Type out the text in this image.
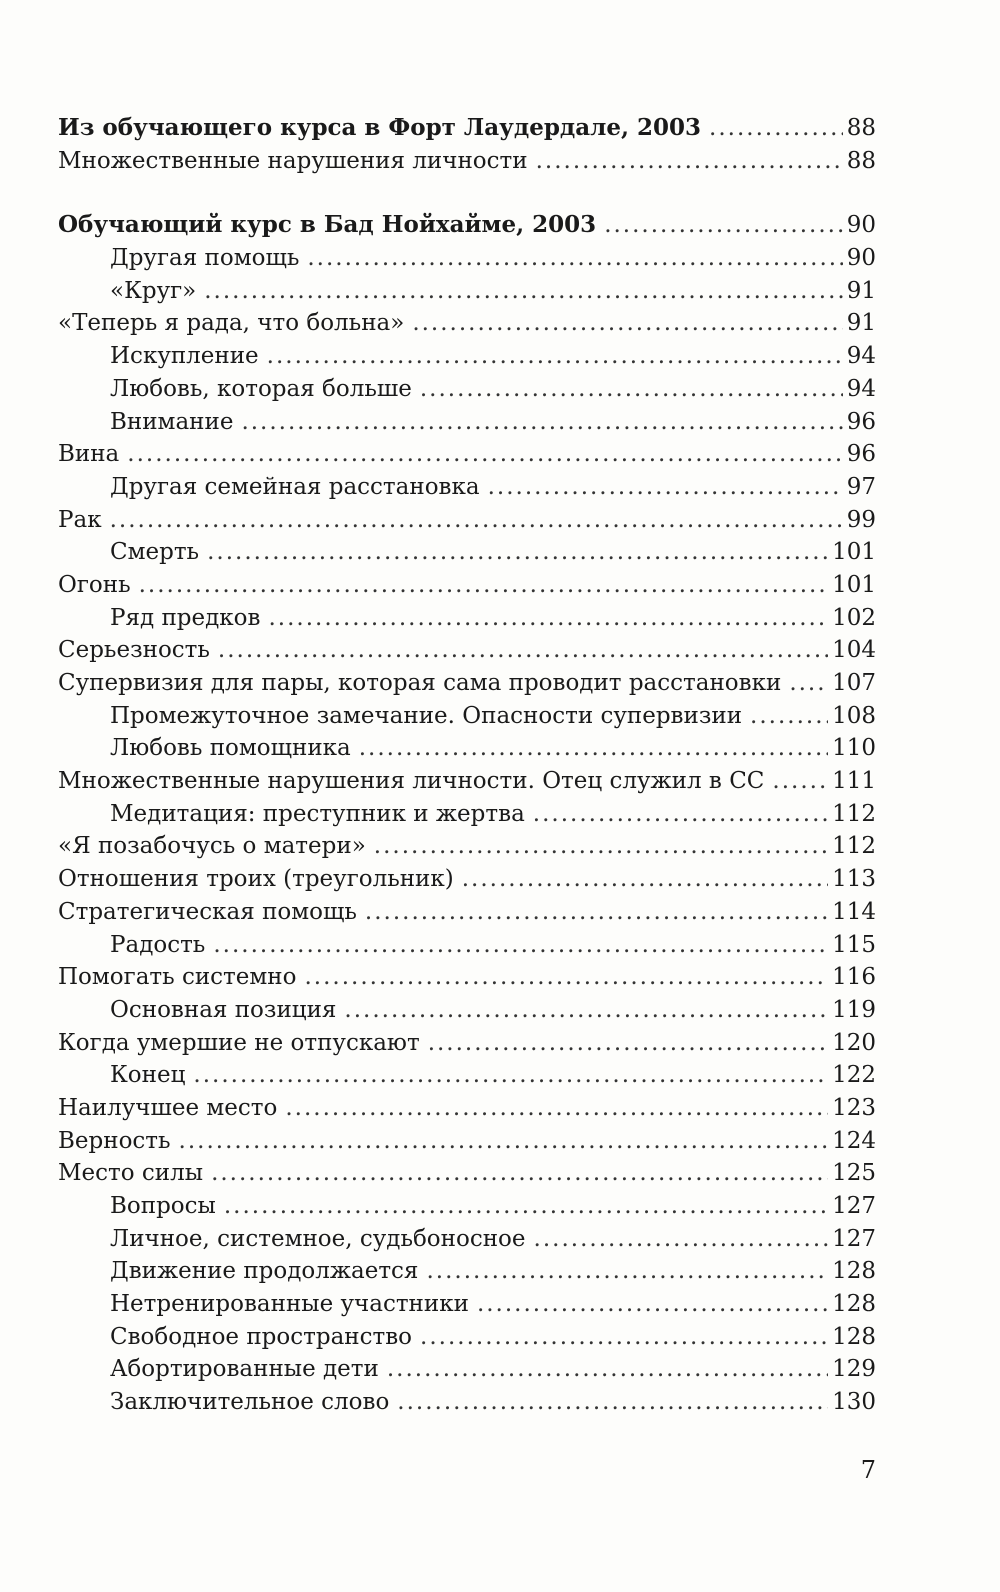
Из обучающего курса в Форт Лаудердале, 2003 .....	88
Множественные нарушения личности .....	88
Обучающий курс в Бад Нойхайме, 2003 .....	90
Другая помощь .....	90
«Круг» .....	91
«Теперь я рада, что больна» .....	91
Искупление .....	94
Любовь, которая больше .....	94
Внимание .....	96
Вина .....	96
Другая семейная расстановка .....	97
Рак .....	99
Смерть .....	101
Огонь .....	101
Ряд предков .....	102
Серьезность .....	104
Супервизия для пары, которая сама проводит расстановки ..... 107
Промежуточное замечание. Опасности супервизии .....	108
Любовь помощника .....	110
Множественные нарушения личности. Отец служил в СС .....	111
Медитация: преступник и жертва .....	112
«Я позабочусь о матери» .....	112
Отношения троих (треугольник) .....	113
Стратегическая помощь .....	114
Радость .....	115
Помогать системно .....	116
Основная позиция .....	119
Когда умершие не отпускают .....	120
Конец .....	122
Наилучшее место .....	123
Верность .....	124
Место силы .....	125
Вопросы .....	127
Личное, системное, судьбоносное .....	127
Движение продолжается .....	128
Нетренированные участники .....	128
Свободное пространство .....	128
Абортированные дети .....	129
Заключительное слово .....	130
7
